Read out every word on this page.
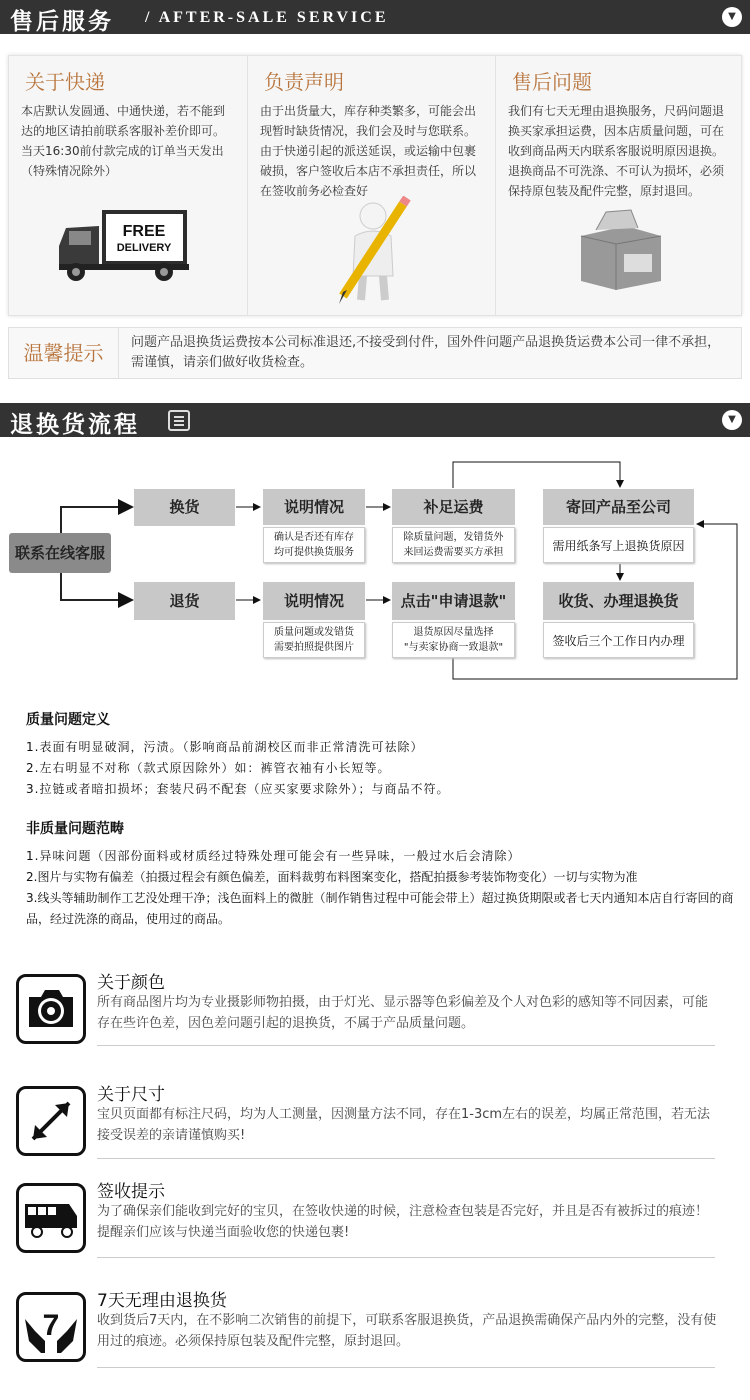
售后服务 / AFTER-SALE SERVICE	▼
关于快递

本店默认发圆通、中通快递，若不能到达的地区请拍前联系客服补差价即可。当天16:30前付款完成的订单当天发出（特殊情况除外）

FREE
DELIVERY
负责声明

由于出货量大，库存种类繁多，可能会出现暂时缺货情况，我们会及时与您联系。由于快递引起的派送延误，或运输中包裹破损，客户签收后本店不承担责任，所以在签收前务必检查好

售后问题

我们有七天无理由退换服务，尺码问题退换买家承担运费，因本店质量问题，可在收到商品两天内联系客服说明原因退换。退换商品不可洗涤、不可认为损坏，必须保持原包装及配件完整，原封退回。

温馨提示	问题产品退换货运费按本公司标准退还,不接受到付件，国外件问题产品退换货运费本公司一律不承担，需谨慎，请亲们做好收货检查。
退换货流程	▼
联系在线客服
换货
退货
说明情况
确认是否还有库存
均可提供换货服务
说明情况
质量问题或发错货
需要拍照提供图片
补足运费
除质量问题，发错货外
来回运费需要买方承担
点击"申请退款"
退货原因尽量选择
"与卖家协商一致退款"
寄回产品至公司
需用纸条写上退换货原因
收货、办理退换货
签收后三个工作日内办理
质量问题定义

1.表面有明显破洞，污渍。（影响商品前湖校区而非正常清洗可祛除）

2.左右明显不对称（款式原因除外）如：裤管衣袖有小长短等。

3.拉链或者暗扣损坏；套装尺码不配套（应买家要求除外）；与商品不符。

非质量问题范畴

1.异味问题（因部份面料或材质经过特殊处理可能会有一些异味，一般过水后会清除）

2.图片与实物有偏差（拍摄过程会有颜色偏差，面料裁剪布料图案变化，搭配拍摄参考装饰物变化）一切与实物为准

3.线头等辅助制作工艺没处理干净；浅色面料上的微脏（制作销售过程中可能会带上）超过换货期限或者七天内通知本店自行寄回的商品，经过洗涤的商品，使用过的商品。

关于颜色

所有商品图片均为专业摄影师物拍摄，由于灯光、显示器等色彩偏差及个人对色彩的感知等不同因素，可能存在些许色差，因色差问题引起的退换货，不属于产品质量问题。

关于尺寸

宝贝页面都有标注尺码，均为人工测量，因测量方法不同，存在1-3cm左右的误差，均属正常范围，若无法接受误差的亲请谨慎购买!

签收提示

为了确保亲们能收到完好的宝贝，在签收快递的时候，注意检查包装是否完好，并且是否有被拆过的痕迹！提醒亲们应该与快递当面验收您的快递包裹!

7
7天无理由退换货

收到货后7天内，在不影响二次销售的前提下，可联系客服退换货，产品退换需确保产品内外的完整，没有使用过的痕迹。必须保持原包装及配件完整，原封退回。
